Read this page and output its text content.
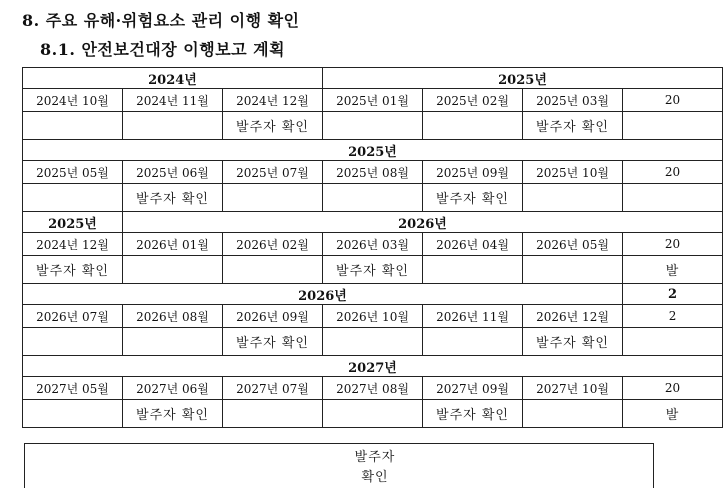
8. 주요 유해·위험요소 관리 이행 확인
8.1. 안전보건대장 이행보고 계획
2024년			2025년			
2024년 10월	2024년 11월	2024년 12월	2025년 01월	2025년 02월	2025년 03월	20
		발주자 확인			발주자 확인	
2025년						
2025년 05월	2025년 06월	2025년 07월	2025년 08월	2025년 09월	2025년 10월	20
	발주자 확인			발주자 확인		
2025년	2026년					
2024년 12월	2026년 01월	2026년 02월	2026년 03월	2026년 04월	2026년 05월	20
발주자 확인			발주자 확인			발
2026년						2
2026년 07월	2026년 08월	2026년 09월	2026년 10월	2026년 11월	2026년 12월	2
		발주자 확인			발주자 확인	
2027년						
2027년 05월	2027년 06월	2027년 07월	2027년 08월	2027년 09월	2027년 10월	20
	발주자 확인			발주자 확인		발
발주자
확인
